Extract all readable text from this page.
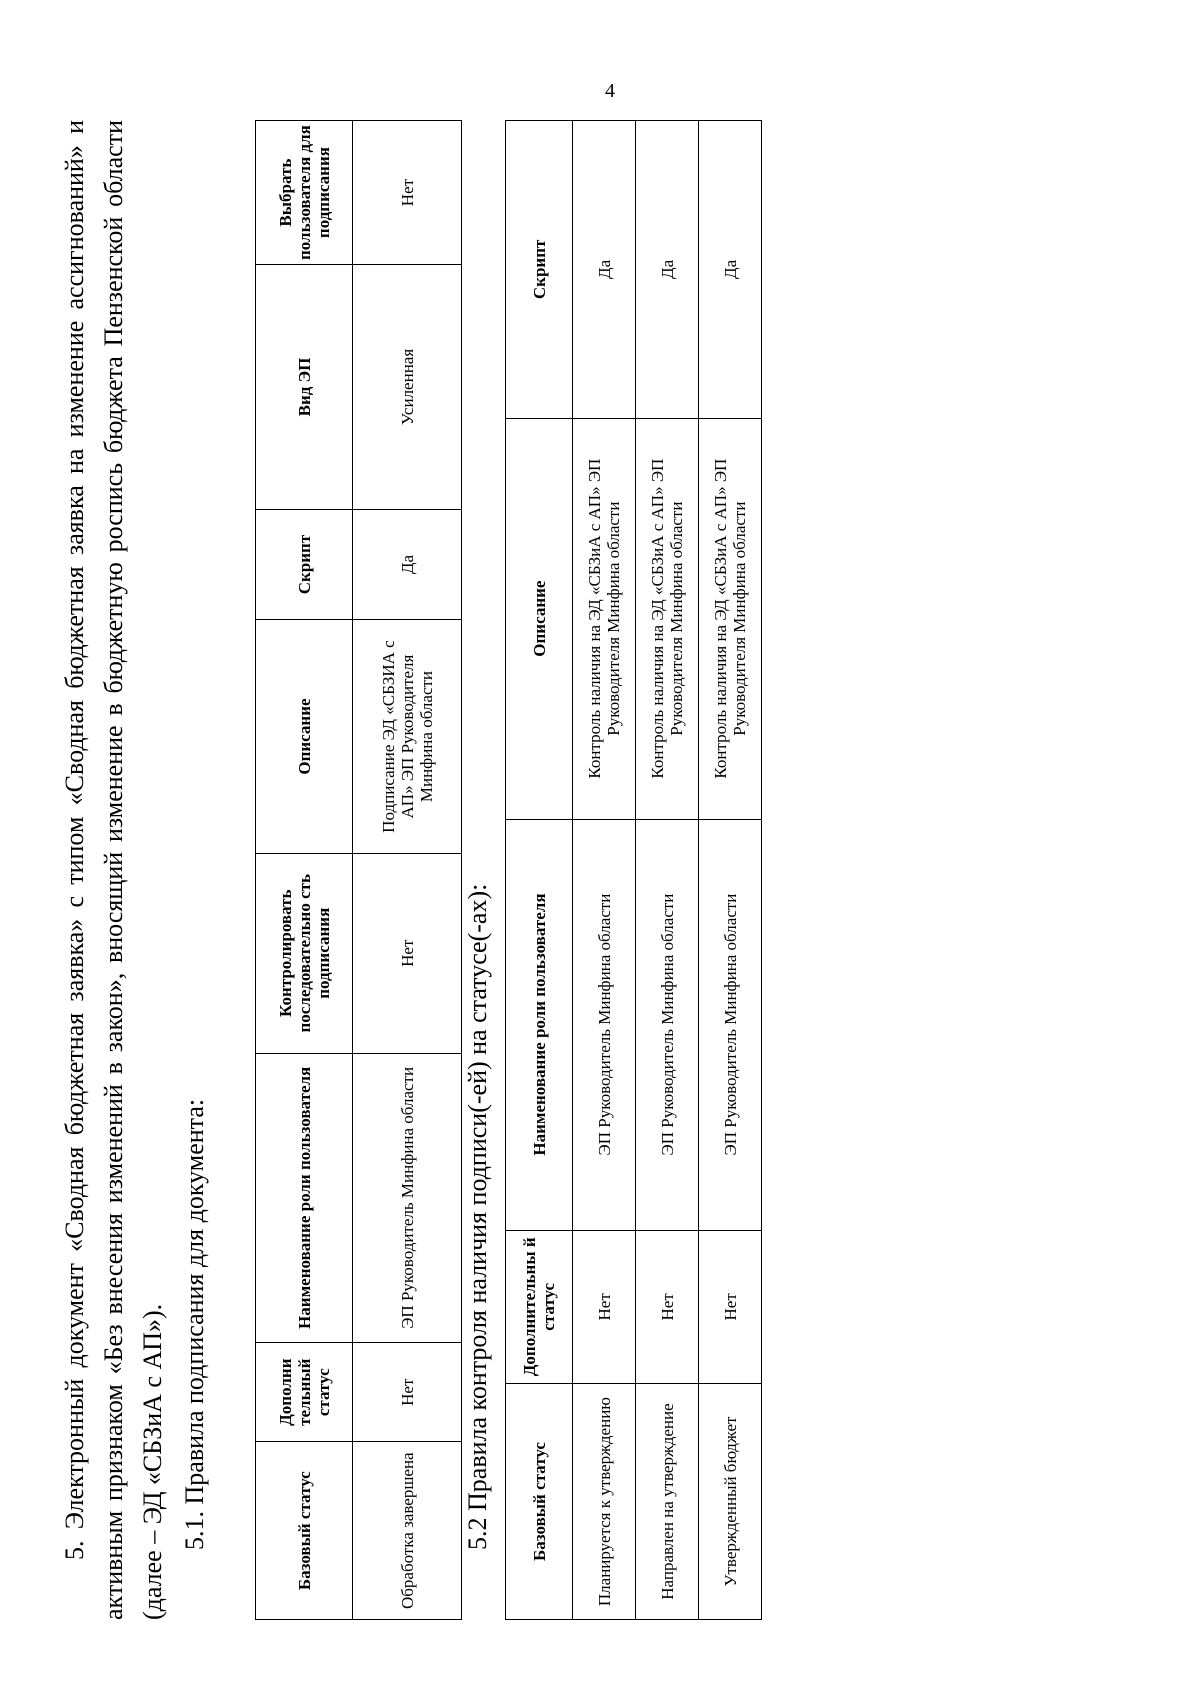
4

5. Электронный документ «Сводная бюджетная заявка» с типом «Сводная бюджетная заявка на изменение ассигнований» и активным признаком «Без внесения изменений в закон», вносящий изменение в бюджетную роспись бюджета Пензенской области (далее – ЭД «СБЗиА с АП»). 5.1. Правила подписания для документа:	Базовый статус	Дополни тельный статус	Наименование роли пользователя	Контролировать последовательно сть подписания	Описание	Скрипт	Вид ЭП	Выбрать пользователя для подписания
Обработка завершена	Нет	ЭП Руководитель Минфина области	Нет	Подписание ЭД «СБЗИА с АП» ЭП Руководителя Минфина области	Да	Усиленная	Нет
5.2 Правила контроля наличия подписи(-ей) на статусе(-ах): Базовый статус	Дополнительны й статус	Наименование роли пользователя	Описание	Скрипт
Планируется к утверждению	Нет	ЭП Руководитель Минфина области	Контроль наличия на ЭД «СБЗиА с АП» ЭП Руководителя Минфина области	Да
Направлен на утверждение	Нет	ЭП Руководитель Минфина области	Контроль наличия на ЭД «СБЗиА с АП» ЭП Руководителя Минфина области	Да
Утвержденный бюджет	Нет	ЭП Руководитель Минфина области	Контроль наличия на ЭД «СБЗиА с АП» ЭП Руководителя Минфина области	Да
